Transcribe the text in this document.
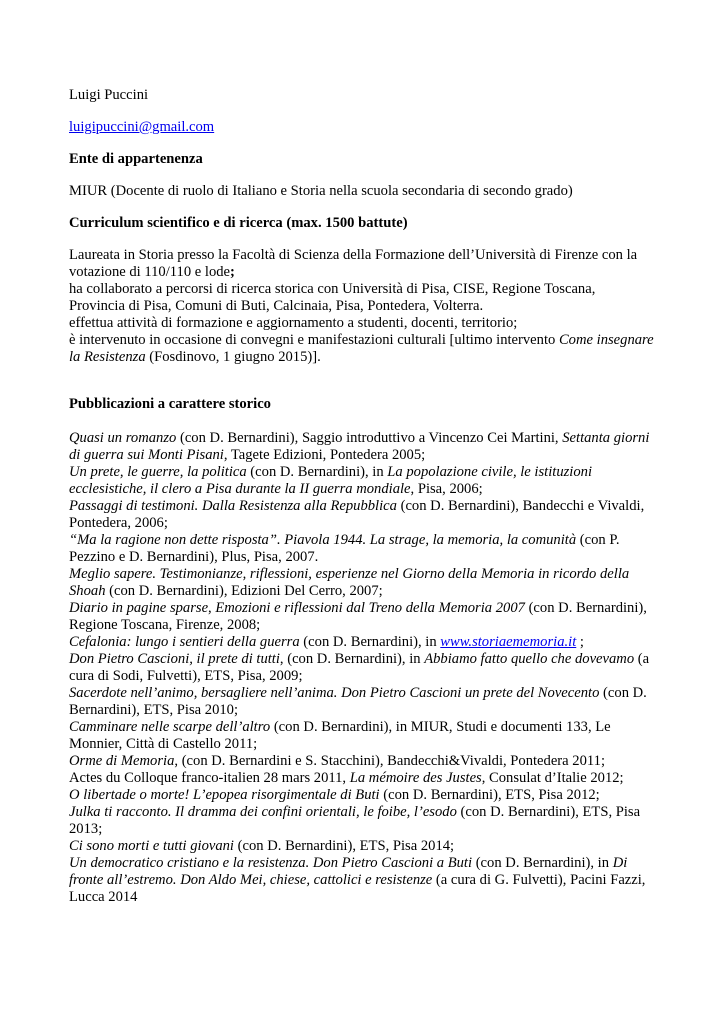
Luigi Puccini

luigipuccini@gmail.com

Ente di appartenenza

MIUR (Docente di ruolo di Italiano e Storia nella scuola secondaria di secondo grado)

Curriculum scientifico e di ricerca (max. 1500 battute)

Laureata in Storia presso la Facoltà di Scienza della Formazione dell’Università di Firenze con la
votazione di 110/110 e lode;

ha collaborato a percorsi di ricerca storica con Università di Pisa, CISE, Regione Toscana,
Provincia di Pisa, Comuni di Buti, Calcinaia, Pisa, Pontedera, Volterra.

effettua attività di formazione e aggiornamento a studenti, docenti, territorio;

è intervenuto in occasione di convegni e manifestazioni culturali [ultimo intervento Come insegnare
la Resistenza (Fosdinovo, 1 giugno 2015)].

Pubblicazioni a carattere storico

Quasi un romanzo (con D. Bernardini), Saggio introduttivo a Vincenzo Cei Martini, Settanta giorni
di guerra sui Monti Pisani, Tagete Edizioni, Pontedera 2005;

Un prete, le guerre, la politica (con D. Bernardini), in La popolazione civile, le istituzioni
ecclesistiche, il clero a Pisa durante la II guerra mondiale, Pisa, 2006;

Passaggi di testimoni. Dalla Resistenza alla Repubblica (con D. Bernardini), Bandecchi e Vivaldi,
Pontedera, 2006;

“Ma la ragione non dette risposta”. Piavola 1944. La strage, la memoria, la comunità (con P.
Pezzino e D. Bernardini), Plus, Pisa, 2007.

Meglio sapere. Testimonianze, riflessioni, esperienze nel Giorno della Memoria in ricordo della
Shoah (con D. Bernardini), Edizioni Del Cerro, 2007;

Diario in pagine sparse, Emozioni e riflessioni dal Treno della Memoria 2007 (con D. Bernardini),
Regione Toscana, Firenze, 2008;

Cefalonia: lungo i sentieri della guerra (con D. Bernardini), in www.storiaememoria.it ;

Don Pietro Cascioni, il prete di tutti, (con D. Bernardini), in Abbiamo fatto quello che dovevamo (a
cura di Sodi, Fulvetti), ETS, Pisa, 2009;

Sacerdote nell’animo, bersagliere nell’anima. Don Pietro Cascioni un prete del Novecento (con D.
Bernardini), ETS, Pisa 2010;

Camminare nelle scarpe dell’altro (con D. Bernardini), in MIUR, Studi e documenti 133, Le
Monnier, Città di Castello 2011;

Orme di Memoria, (con D. Bernardini e S. Stacchini), Bandecchi&Vivaldi, Pontedera 2011;

Actes du Colloque franco-italien 28 mars 2011, La mémoire des Justes, Consulat d’Italie 2012;

O libertade o morte! L’epopea risorgimentale di Buti (con D. Bernardini), ETS, Pisa 2012;

Julka ti racconto. Il dramma dei confini orientali, le foibe, l’esodo (con D. Bernardini), ETS, Pisa
2013;

Ci sono morti e tutti giovani (con D. Bernardini), ETS, Pisa 2014;

Un democratico cristiano e la resistenza. Don Pietro Cascioni a Buti (con D. Bernardini), in Di
fronte all’estremo. Don Aldo Mei, chiese, cattolici e resistenze (a cura di G. Fulvetti), Pacini Fazzi,
Lucca 2014
